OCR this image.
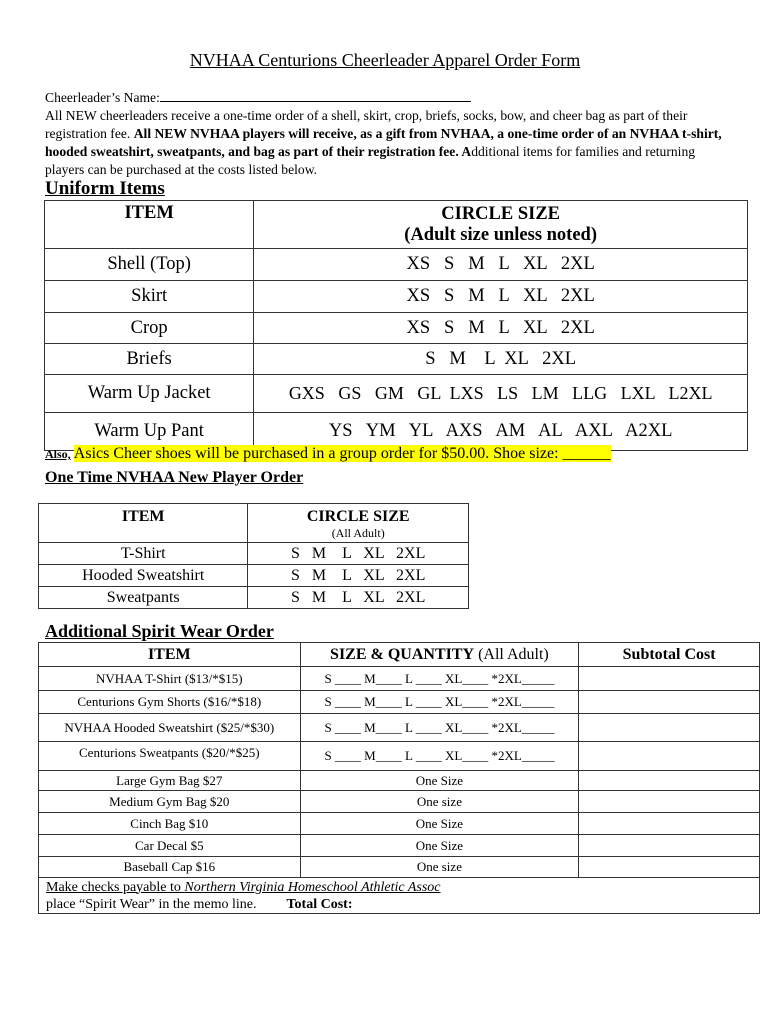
NVHAA Centurions Cheerleader Apparel Order Form
Cheerleader’s Name:
All NEW cheerleaders receive a one-time order of a shell, skirt, crop, briefs, socks, bow, and cheer bag as part of their registration fee. All NEW NVHAA players will receive, as a gift from NVHAA, a one-time order of an NVHAA t-shirt, hooded sweatshirt, sweatpants, and bag as part of their registration fee. Additional items for families and returning players can be purchased at the costs listed below.
Uniform Items
ITEM	CIRCLE SIZE
(Adult size unless noted)

Shell (Top)	XS   S   M   L   XL   2XL
Skirt	XS   S   M   L   XL   2XL
Crop	XS   S   M   L   XL   2XL
Briefs	S   M    L  XL   2XL
Warm Up Jacket	GXS   GS   GM   GL  LXS   LS   LM   LLG   LXL   L2XL
Warm Up Pant	YS   YM   YL   AXS   AM   AL   AXL   A2XL
Also, Asics Cheer shoes will be purchased in a group order for $50.00. Shoe size: ______
One Time NVHAA New Player Order
ITEM	CIRCLE SIZE
(All Adult)

T-Shirt	S   M    L   XL   2XL
Hooded Sweatshirt	S   M    L   XL   2XL
Sweatpants	S   M    L   XL   2XL
Additional Spirit Wear Order
ITEM	SIZE & QUANTITY (All Adult)	Subtotal Cost
NVHAA T-Shirt ($13/*$15)	S ____ M____ L ____ XL____ *2XL_____	
Centurions Gym Shorts ($16/*$18)	S ____ M____ L ____ XL____ *2XL_____	
NVHAA Hooded Sweatshirt ($25/*$30)	S ____ M____ L ____ XL____ *2XL_____	
Centurions Sweatpants ($20/*$25)	S ____ M____ L ____ XL____ *2XL_____	
Large Gym Bag $27	One Size	
Medium Gym Bag $20	One size	
Cinch Bag $10	One Size	
Car Decal $5	One Size	
Baseball Cap $16	One size	

Make checks payable to Northern Virginia Homeschool Athletic Assoc
place “Spirit Wear” in the memo line. Total Cost:		
